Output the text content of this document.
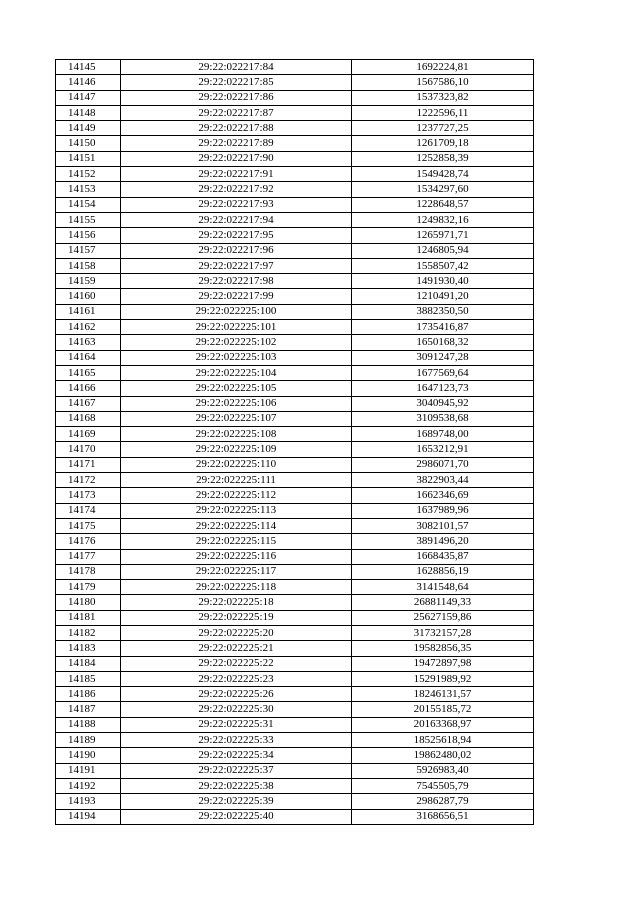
14145	29:22:022217:84	1692224,81
14146	29:22:022217:85	1567586,10
14147	29:22:022217:86	1537323,82
14148	29:22:022217:87	1222596,11
14149	29:22:022217:88	1237727,25
14150	29:22:022217:89	1261709,18
14151	29:22:022217:90	1252858,39
14152	29:22:022217:91	1549428,74
14153	29:22:022217:92	1534297,60
14154	29:22:022217:93	1228648,57
14155	29:22:022217:94	1249832,16
14156	29:22:022217:95	1265971,71
14157	29:22:022217:96	1246805,94
14158	29:22:022217:97	1558507,42
14159	29:22:022217:98	1491930,40
14160	29:22:022217:99	1210491,20
14161	29:22:022225:100	3882350,50
14162	29:22:022225:101	1735416,87
14163	29:22:022225:102	1650168,32
14164	29:22:022225:103	3091247,28
14165	29:22:022225:104	1677569,64
14166	29:22:022225:105	1647123,73
14167	29:22:022225:106	3040945,92
14168	29:22:022225:107	3109538,68
14169	29:22:022225:108	1689748,00
14170	29:22:022225:109	1653212,91
14171	29:22:022225:110	2986071,70
14172	29:22:022225:111	3822903,44
14173	29:22:022225:112	1662346,69
14174	29:22:022225:113	1637989,96
14175	29:22:022225:114	3082101,57
14176	29:22:022225:115	3891496,20
14177	29:22:022225:116	1668435,87
14178	29:22:022225:117	1628856,19
14179	29:22:022225:118	3141548,64
14180	29:22:022225:18	26881149,33
14181	29:22:022225:19	25627159,86
14182	29:22:022225:20	31732157,28
14183	29:22:022225:21	19582856,35
14184	29:22:022225:22	19472897,98
14185	29:22:022225:23	15291989,92
14186	29:22:022225:26	18246131,57
14187	29:22:022225:30	20155185,72
14188	29:22:022225:31	20163368,97
14189	29:22:022225:33	18525618,94
14190	29:22:022225:34	19862480,02
14191	29:22:022225:37	5926983,40
14192	29:22:022225:38	7545505,79
14193	29:22:022225:39	2986287,79
14194	29:22:022225:40	3168656,51
